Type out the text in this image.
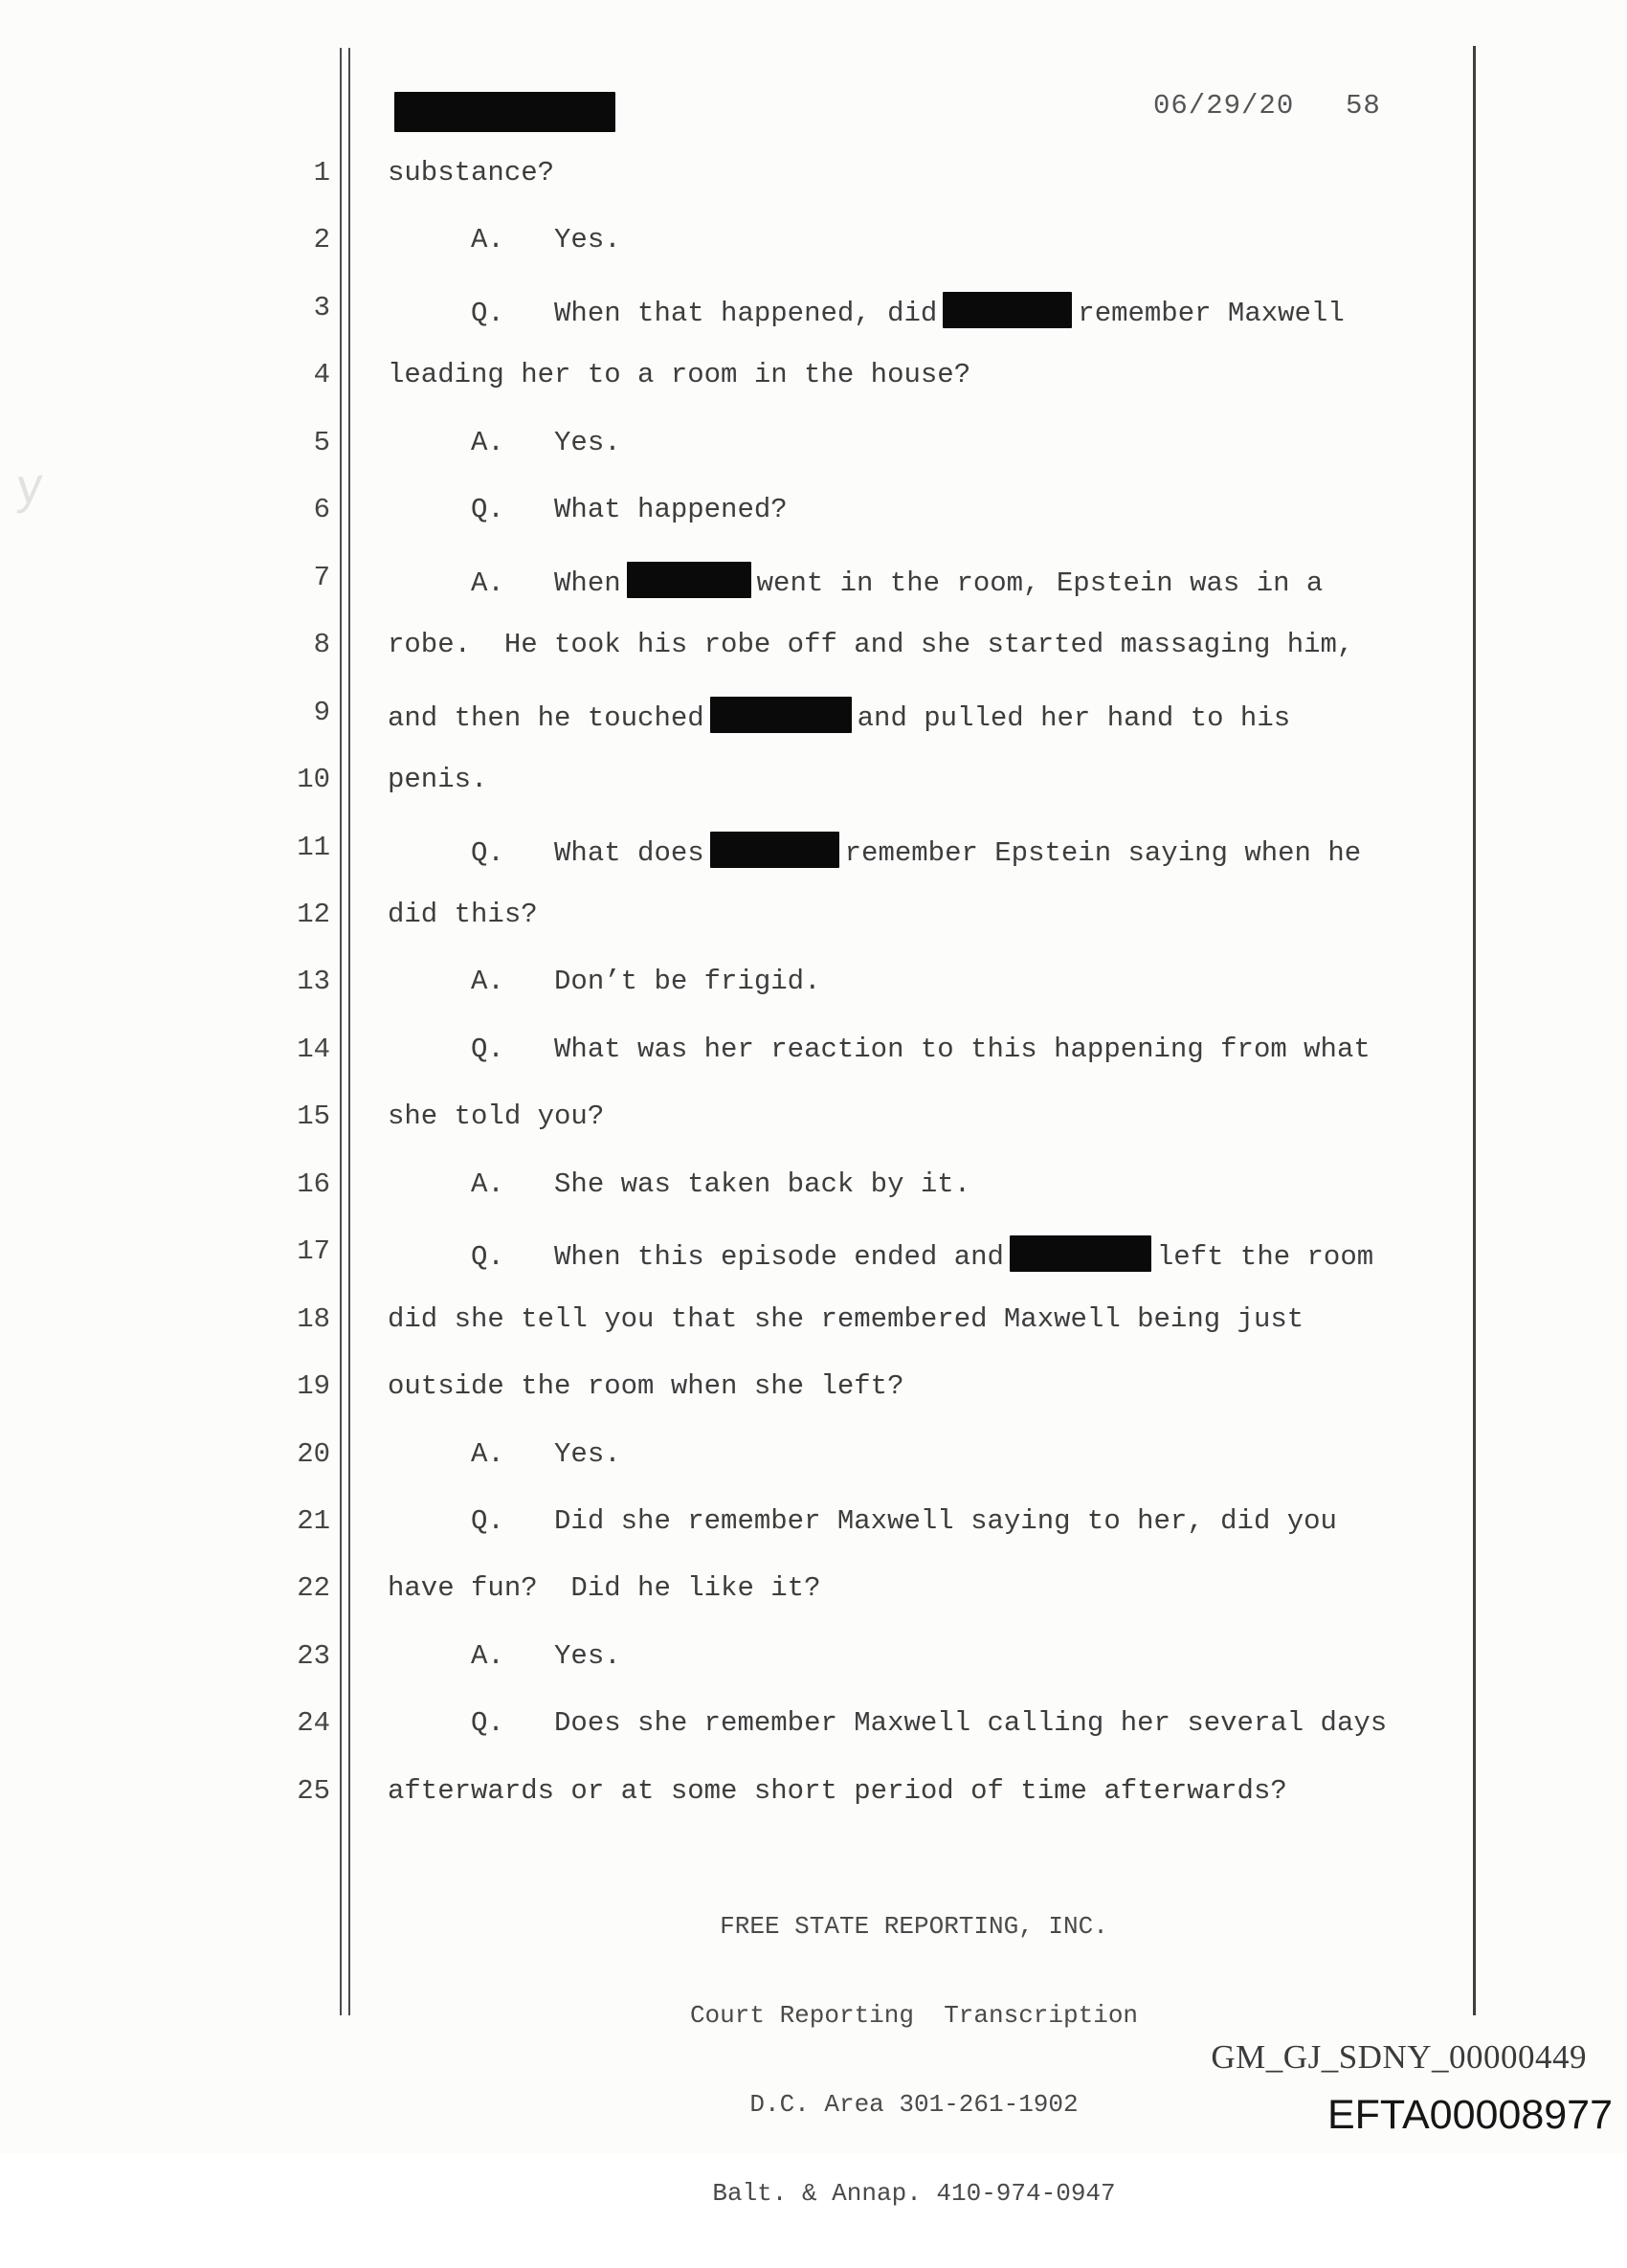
06/29/20 58
1 substance?
2 A.   Yes.
3 Q.   When that happened, did	remember Maxwell
4 leading her to a room in the house?
5 A.   Yes.
6 Q.   What happened?
7 A.   When	went in the room, Epstein was in a
8 robe.  He took his robe off and she started massaging him,
9 and then he touched	and pulled her hand to his
10 penis.
11 Q.   What does	remember Epstein saying when he
12 did this?
13 A.   Don’t be frigid.
14 Q.   What was her reaction to this happening from what
15 she told you?
16 A.   She was taken back by it.
17 Q.   When this episode ended and	left the room
18 did she tell you that she remembered Maxwell being just
19 outside the room when she left?
20 A.   Yes.
21 Q.   Did she remember Maxwell saying to her, did you
22 have fun?  Did he like it?
23 A.   Yes.
24 Q.   Does she remember Maxwell calling her several days
25 afterwards or at some short period of time afterwards?

FREE STATE REPORTING, INC.

Court Reporting  Transcription

D.C. Area 301-261-1902

Balt. & Annap. 410-974-0947

GM_GJ_SDNY_00000449
EFTA00008977
y
